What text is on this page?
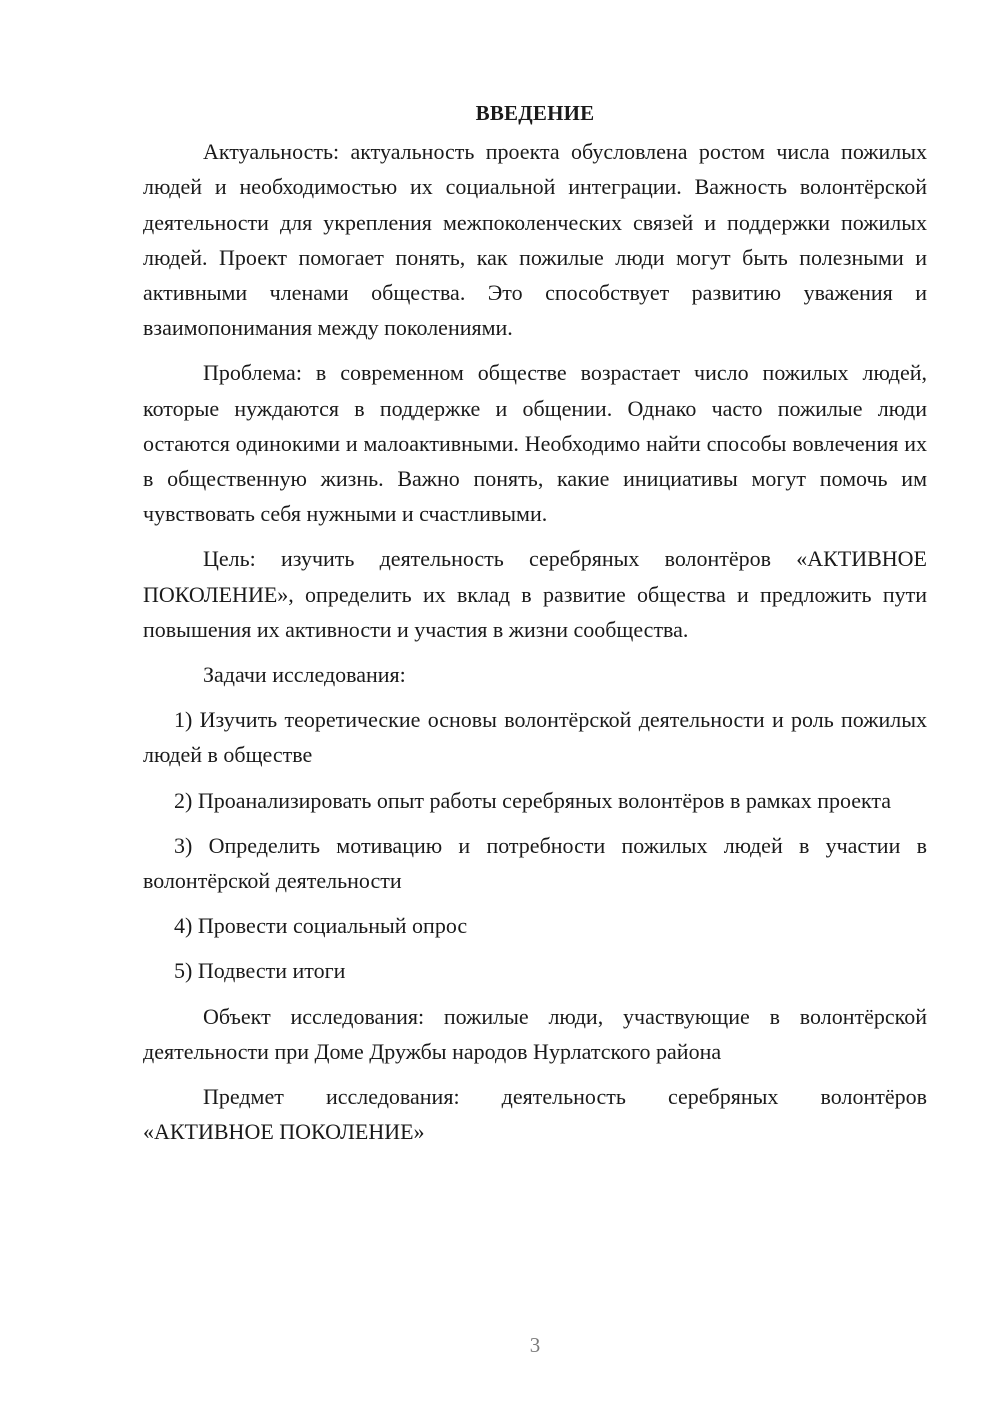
ВВЕДЕНИЕ

Актуальность: актуальность проекта обусловлена ростом числа пожилых людей и необходимостью их социальной интеграции. Важность волонтёрской деятельности для укрепления межпоколенческих связей и поддержки пожилых людей. Проект помогает понять, как пожилые люди могут быть полезными и активными членами общества. Это способствует развитию уважения и взаимопонимания между поколениями.

Проблема: в современном обществе возрастает число пожилых людей, которые нуждаются в поддержке и общении. Однако часто пожилые люди остаются одинокими и малоактивными. Необходимо найти способы вовлечения их в общественную жизнь. Важно понять, какие инициативы могут помочь им чувствовать себя нужными и счастливыми.

Цель: изучить деятельность серебряных волонтёров «АКТИВНОЕ ПОКОЛЕНИЕ», определить их вклад в развитие общества и предложить пути повышения их активности и участия в жизни сообщества.

Задачи исследования:

1) Изучить теоретические основы волонтёрской деятельности и роль пожилых людей в обществе

2) Проанализировать опыт работы серебряных волонтёров в рамках проекта

3) Определить мотивацию и потребности пожилых людей в участии в волонтёрской деятельности

4) Провести социальный опрос

5) Подвести итоги

Объект исследования: пожилые люди, участвующие в волонтёрской деятельности при Доме Дружбы народов Нурлатского района

Предмет исследования: деятельность серебряных волонтёров

«АКТИВНОЕ ПОКОЛЕНИЕ»

3
